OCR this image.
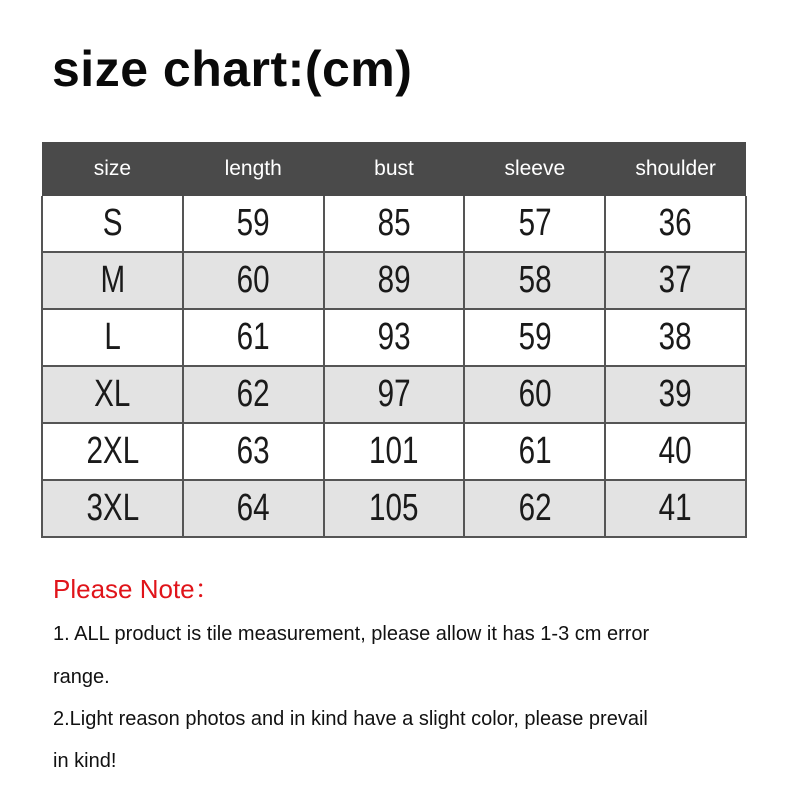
size chart:(cm)
size	length	bust	sleeve	shoulder
S	59	85	57	36
M	60	89	58	37
L	61	93	59	38
XL	62	97	60	39
2XL	63	101	61	40
3XL	64	105	62	41
Please Note：
1. ALL product is tile measurement, please allow it has 1-3 cm error
range.
2.Light reason photos and in kind have a slight color, please prevail
in kind!
